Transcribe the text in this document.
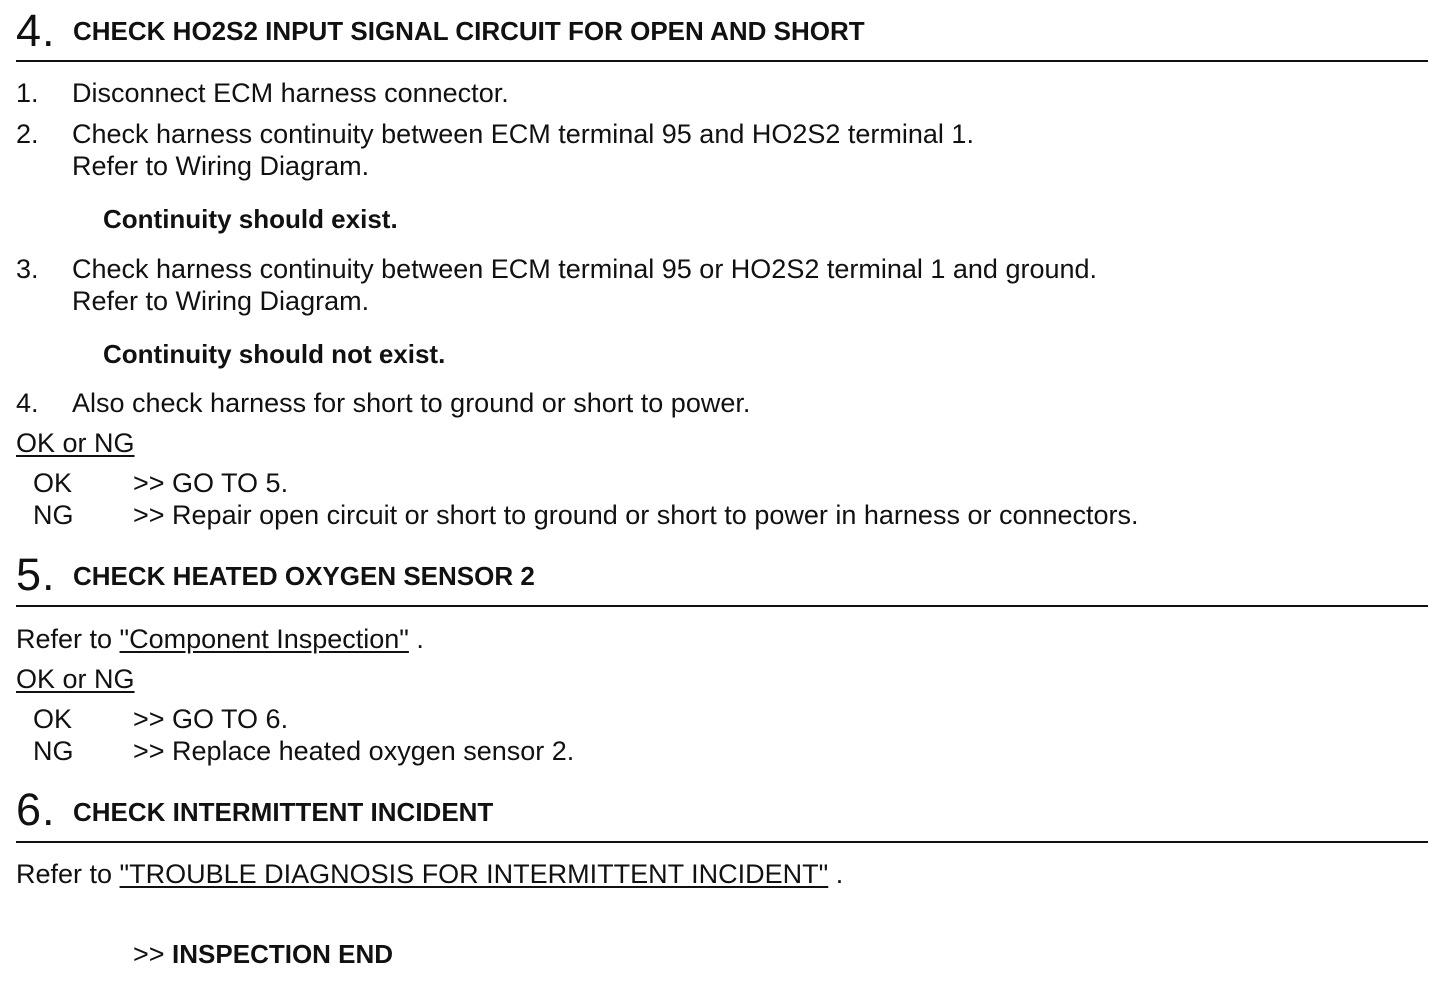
4. CHECK HO2S2 INPUT SIGNAL CIRCUIT FOR OPEN AND SHORT
1. Disconnect ECM harness connector.
2. Check harness continuity between ECM terminal 95 and HO2S2 terminal 1.
Refer to Wiring Diagram.
Continuity should exist.
3. Check harness continuity between ECM terminal 95 or HO2S2 terminal 1 and ground.
Refer to Wiring Diagram.
Continuity should not exist.
4. Also check harness for short to ground or short to power.
OK or NG
OK >> GO TO 5.
NG >> Repair open circuit or short to ground or short to power in harness or connectors.
5. CHECK HEATED OXYGEN SENSOR 2
Refer to "Component Inspection" .
OK or NG
OK >> GO TO 6.
NG >> Replace heated oxygen sensor 2.
6. CHECK INTERMITTENT INCIDENT
Refer to "TROUBLE DIAGNOSIS FOR INTERMITTENT INCIDENT" .
>> INSPECTION END
